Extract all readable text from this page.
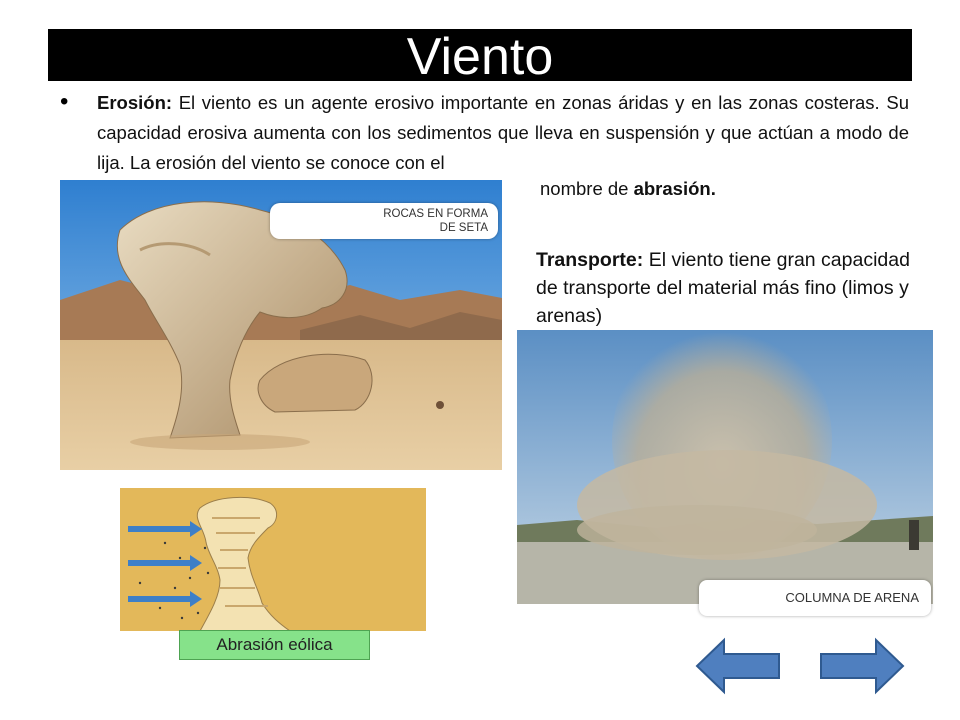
Viento
• Erosión: El viento es un agente erosivo importante en zonas áridas y en las zonas costeras. Su capacidad erosiva aumenta con los sedimentos que lleva en suspensión y que actúan a modo de lija. La erosión del viento se conoce con el
nombre de abrasión.
Transporte: El viento tiene gran capacidad de transporte del material más fino (limos y arenas)
ROCAS EN FORMA
DE SETA
COLUMNA DE ARENA
Abrasión eólica
